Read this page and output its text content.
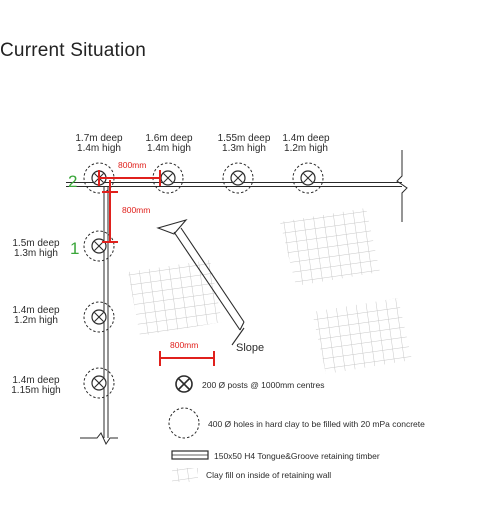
Current Situation
800mm
800mm
800mm
2
1
Slope
200 Ø posts @ 1000mm centres
400 Ø holes in hard clay to be filled with 20 mPa concrete
150x50 H4 Tongue&Groove retaining timber
Clay fill on inside of retaining wall
1.7m deep
1.4m high
1.6m deep
1.4m high
1.55m deep
1.3m high
1.4m deep
1.2m high
1.5m deep
1.3m high
1.4m deep
1.2m high
1.4m deep
1.15m high
